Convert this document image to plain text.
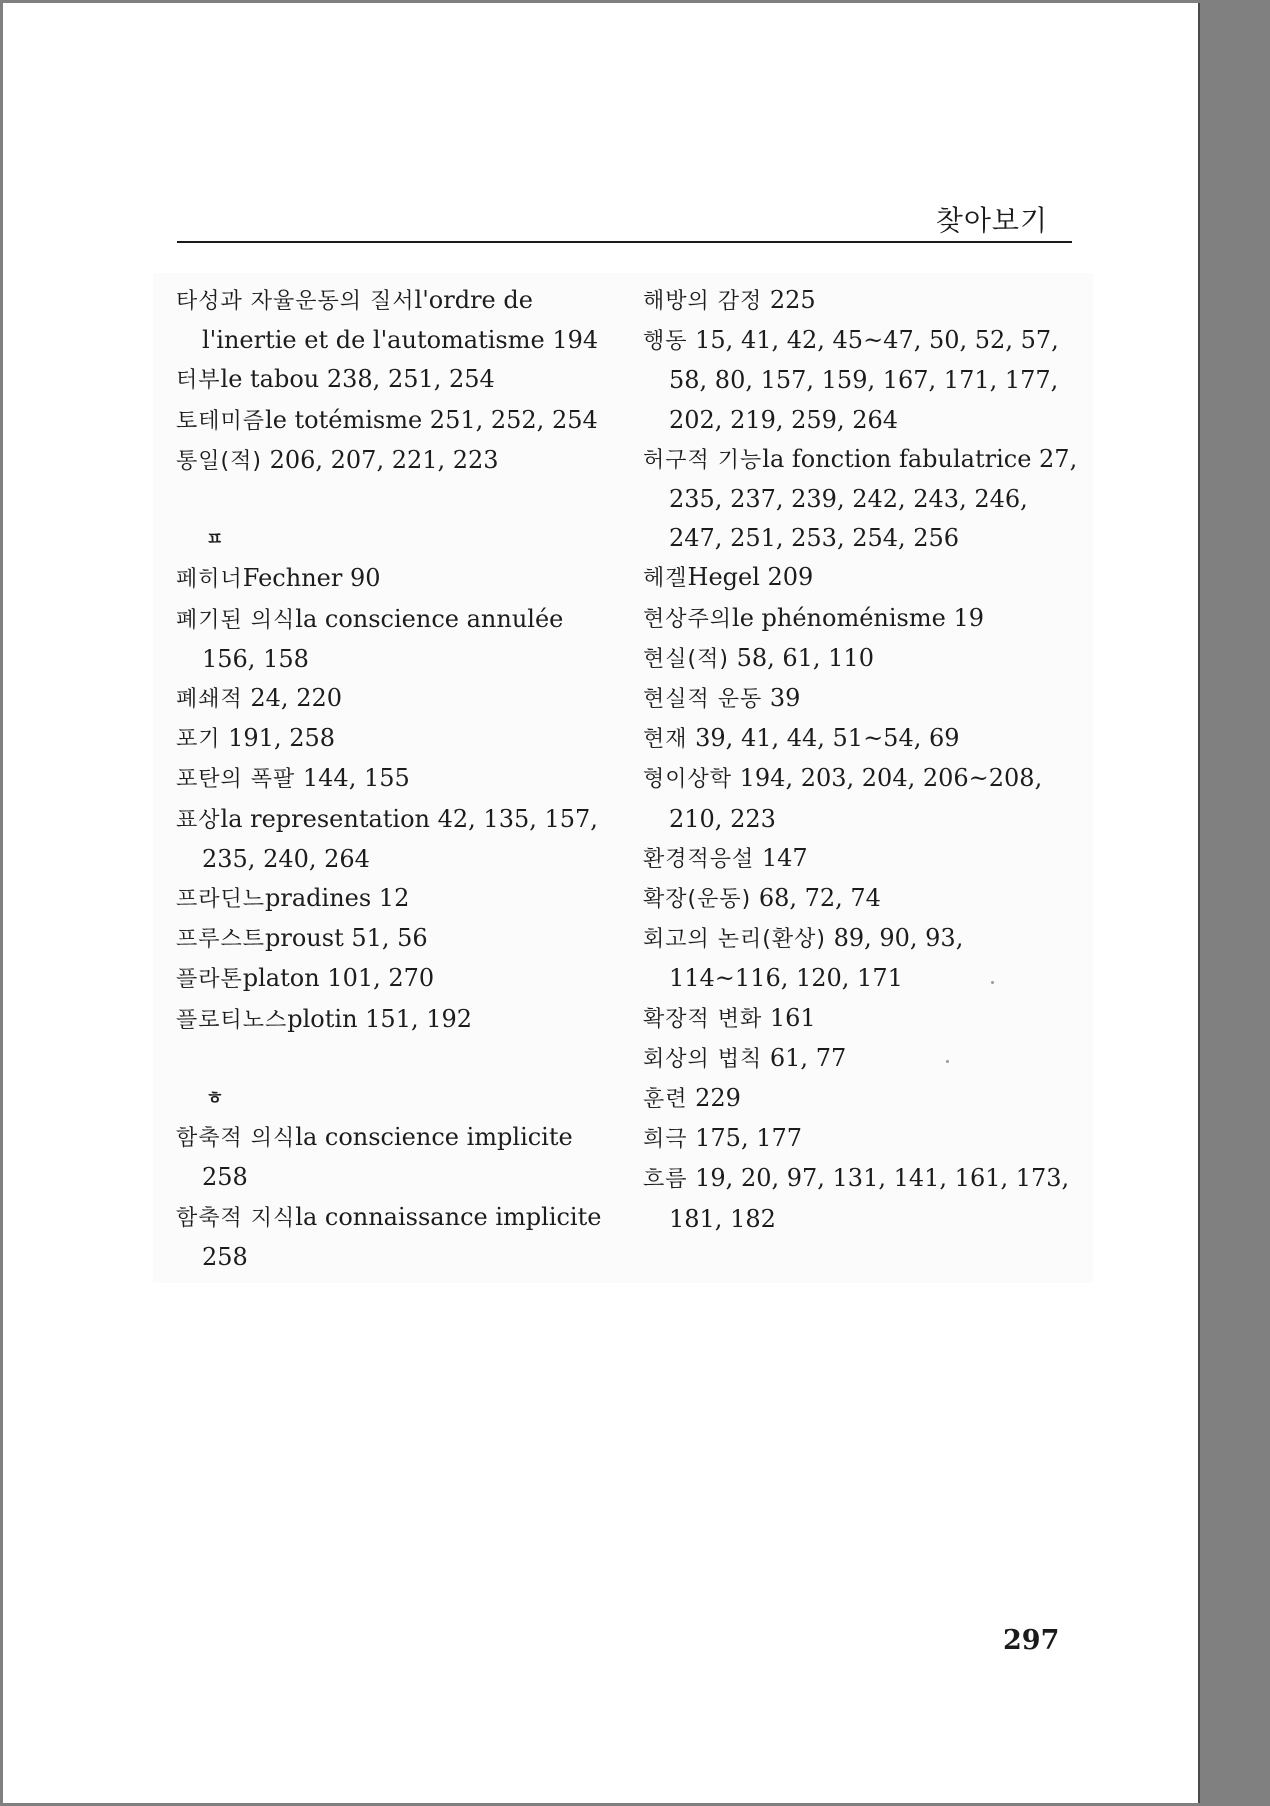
찾아보기
타성과 자율운동의 질서l'ordre de l'inertie et de l'automatisme 194
터부le tabou 238, 251, 254
토테미즘le totémisme 251, 252, 254
통일(적) 206, 207, 221, 223
ㅍ
페히너Fechner 90
폐기된 의식la conscience annulée 156, 158
폐쇄적 24, 220
포기 191, 258
포탄의 폭팔 144, 155
표상la representation 42, 135, 157, 235, 240, 264
프라딘느pradines 12
프루스트proust 51, 56
플라톤platon 101, 270
플로티노스plotin 151, 192
ㅎ
함축적 의식la conscience implicite 258
함축적 지식la connaissance implicite 258
해방의 감정 225
행동 15, 41, 42, 45~47, 50, 52, 57, 58, 80, 157, 159, 167, 171, 177, 202, 219, 259, 264
허구적 기능la fonction fabulatrice 27, 235, 237, 239, 242, 243, 246, 247, 251, 253, 254, 256
헤겔Hegel 209
현상주의le phénoménisme 19
현실(적) 58, 61, 110
현실적 운동 39
현재 39, 41, 44, 51~54, 69
형이상학 194, 203, 204, 206~208, 210, 223
환경적응설 147
확장(운동) 68, 72, 74
회고의 논리(환상) 89, 90, 93, 114~116, 120, 171
확장적 변화 161
회상의 법칙 61, 77
훈련 229
희극 175, 177
흐름 19, 20, 97, 131, 141, 161, 173, 181, 182
297
